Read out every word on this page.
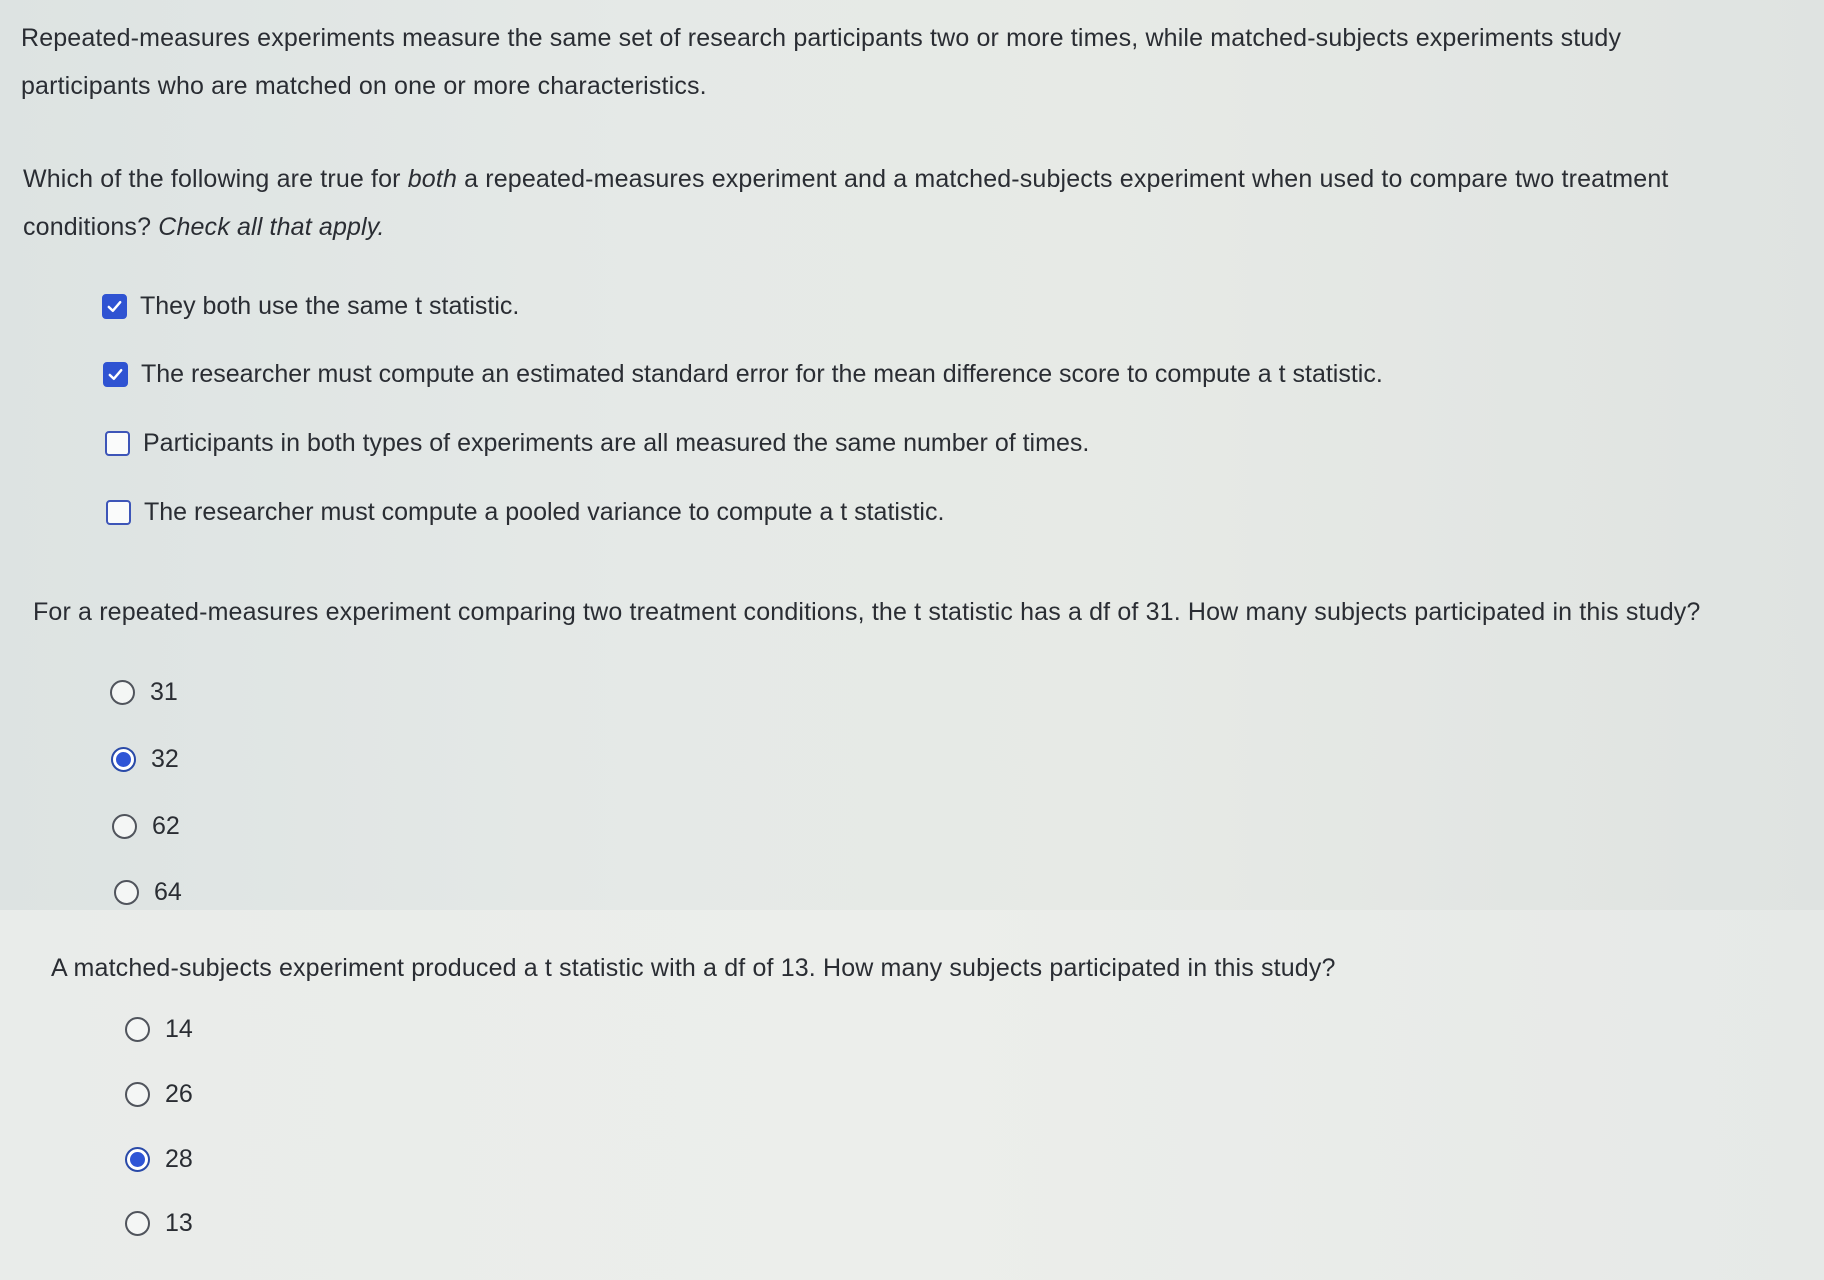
Repeated-measures experiments measure the same set of research participants two or more times, while matched-subjects experiments study
participants who are matched on one or more characteristics.
Which of the following are true for both a repeated-measures experiment and a matched-subjects experiment when used to compare two treatment
conditions? Check all that apply.
They both use the same t statistic.
The researcher must compute an estimated standard error for the mean difference score to compute a t statistic.
Participants in both types of experiments are all measured the same number of times.
The researcher must compute a pooled variance to compute a t statistic.
For a repeated-measures experiment comparing two treatment conditions, the t statistic has a df of 31. How many subjects participated in this study?
31
32
62
64
A matched-subjects experiment produced a t statistic with a df of 13. How many subjects participated in this study?
14
26
28
13
